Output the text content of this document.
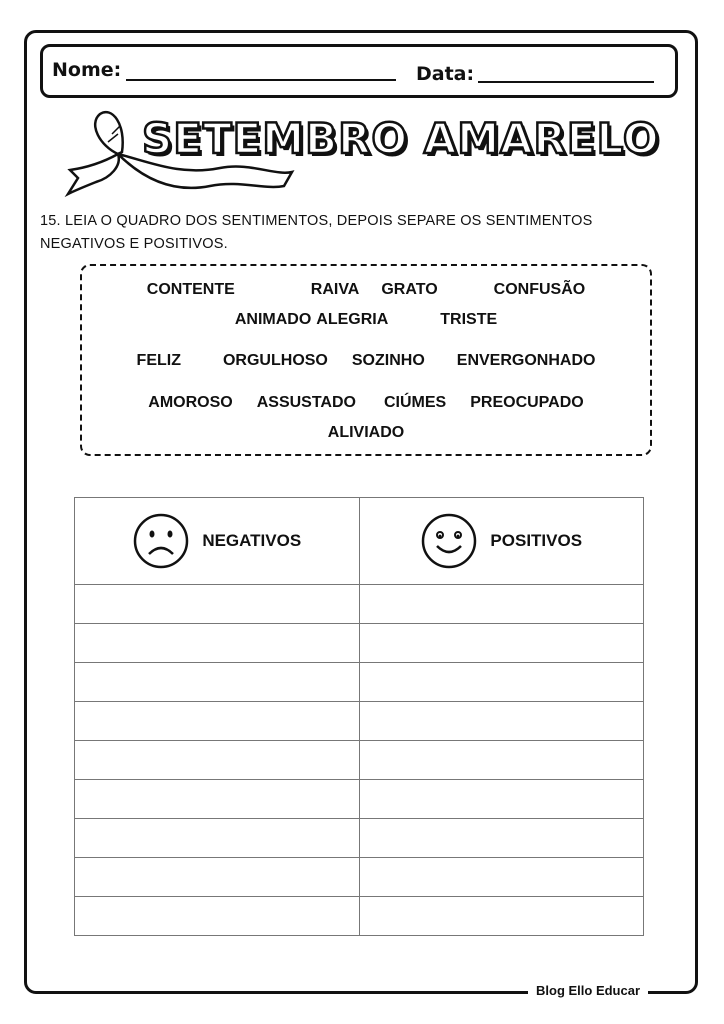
Nome:	Data:
SETEMBRO AMARELO
15. LEIA O QUADRO DOS SENTIMENTOS, DEPOIS SEPARE OS SENTIMENTOS
NEGATIVOS E POSITIVOS.
CONTENTE	RAIVA GRATO	CONFUSÃO
ANIMADO ALEGRIA	TRISTE
FELIZ	ORGULHOSO SOZINHO ENVERGONHADO
AMOROSO ASSUSTADO CIÚMES PREOCUPADO
ALIVIADO
NEGATIVOS	POSITIVOS

Blog Ello Educar
